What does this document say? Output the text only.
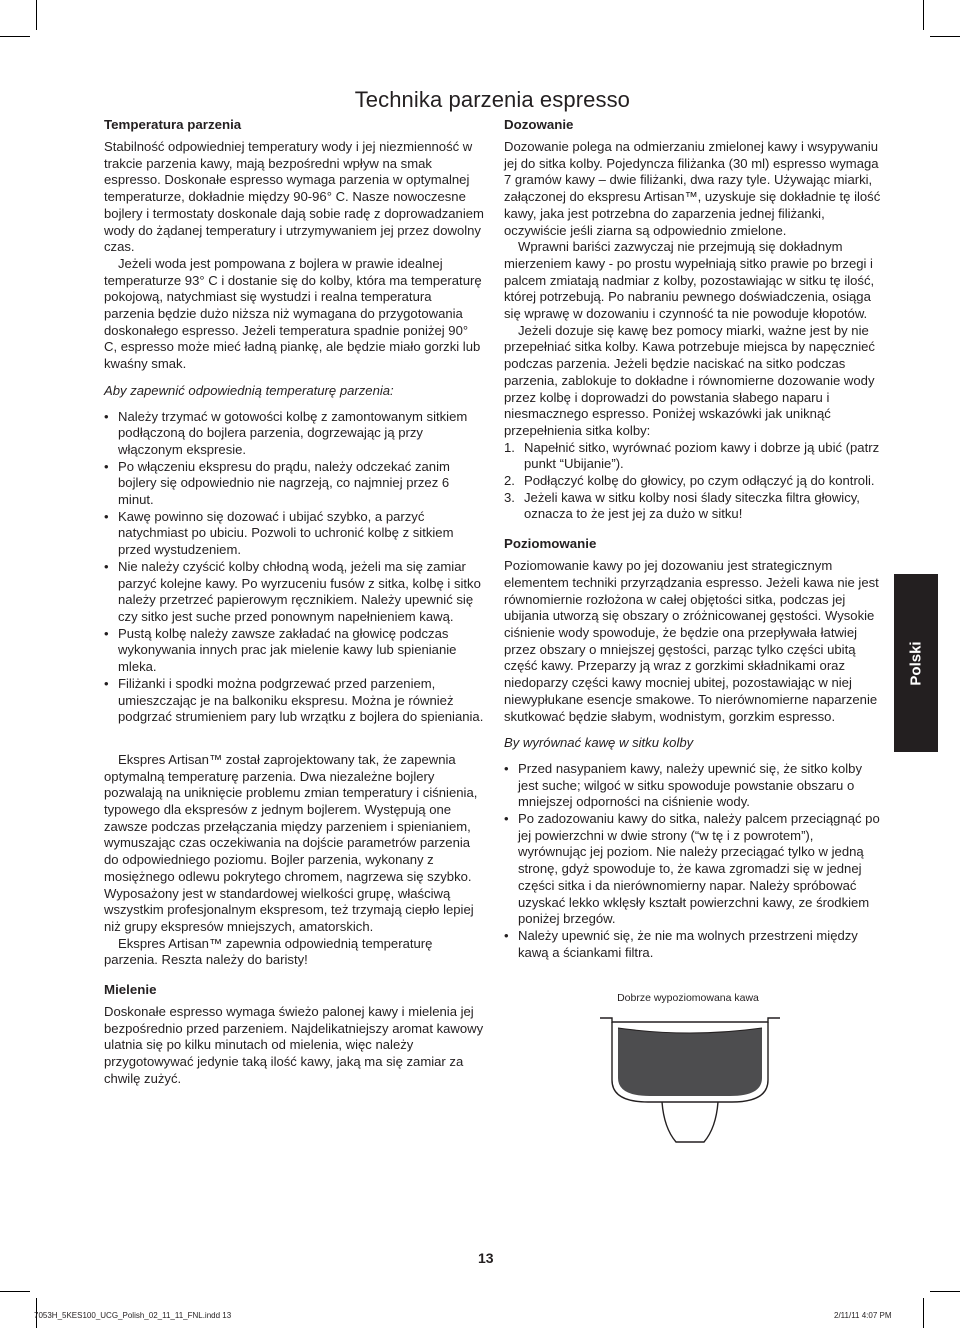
Technika parzenia espresso
Temperatura parzenia

Stabilność odpowiedniej temperatury wody i jej niezmienność w trakcie parzenia kawy, mają bezpośredni wpływ na smak espresso. Doskonałe espresso wymaga parzenia w optymalnej temperaturze, dokładnie między 90-96° C. Nasze nowoczesne bojlery i termostaty doskonale dają sobie radę z doprowadzaniem wody do żądanej temperatury i utrzymywaniem jej przez dowolny czas.

Jeżeli woda jest pompowana z bojlera w prawie idealnej temperaturze 93° C i dostanie się do kolby, która ma temperaturę pokojową, natychmiast się wystudzi i realna temperatura parzenia będzie dużo niższa niż wymagana do przygotowania doskonałego espresso. Jeżeli temperatura spadnie poniżej 90° C, espresso może mieć ładną piankę, ale będzie miało gorzki lub kwaśny smak.

Aby zapewnić odpowiednią temperaturę parzenia:

• Należy trzymać w gotowości kolbę z zamontowanym sitkiem podłączoną do bojlera parzenia, dogrzewając ją przy włączonym ekspresie.
• Po włączeniu ekspresu do prądu, należy odczekać zanim bojlery się odpowiednio nie nagrzeją, co najmniej przez 6 minut.
• Kawę powinno się dozować i ubijać szybko, a parzyć natychmiast po ubiciu. Pozwoli to uchronić kolbę z sitkiem przed wystudzeniem.
• Nie należy czyścić kolby chłodną wodą, jeżeli ma się zamiar parzyć kolejne kawy. Po wyrzuceniu fusów z sitka, kolbę i sitko należy przetrzeć papierowym ręcznikiem. Należy upewnić się czy sitko jest suche przed ponownym napełnieniem kawą.
• Pustą kolbę należy zawsze zakładać na głowicę podczas wykonywania innych prac jak mielenie kawy lub spienianie mleka.
• Filiżanki i spodki można podgrzewać przed parzeniem, umieszczając je na balkoniku ekspresu. Można je również podgrzać strumieniem pary lub wrzątku z bojlera do spieniania.

Ekspres Artisan™ został zaprojektowany tak, że zapewnia optymalną temperaturę parzenia. Dwa niezależne bojlery pozwalają na uniknięcie problemu zmian temperatury i ciśnienia, typowego dla ekspresów z jednym bojlerem. Występują one zawsze podczas przełączania między parzeniem i spienianiem, wymuszając czas oczekiwania na dojście parametrów parzenia do odpowiedniego poziomu. Bojler parzenia, wykonany z mosiężnego odlewu pokrytego chromem, nagrzewa się szybko. Wyposażony jest w standardowej wielkości grupę, właściwą wszystkim profesjonalnym ekspresom, też trzymają ciepło lepiej niż grupy ekspresów mniejszych, amatorskich.

Ekspres Artisan™ zapewnia odpowiednią temperaturę parzenia. Reszta należy do baristy!

Mielenie

Doskonałe espresso wymaga świeżo palonej kawy i mielenia jej bezpośrednio przed parzeniem. Najdelikatniejszy aromat kawowy ulatnia się po kilku minutach od mielenia, więc należy przygotowywać jedynie taką ilość kawy, jaką ma się zamiar za chwilę zużyć.

Dozowanie

Dozowanie polega na odmierzaniu zmielonej kawy i wsypywaniu jej do sitka kolby. Pojedyncza filiżanka (30 ml) espresso wymaga 7 gramów kawy – dwie filiżanki, dwa razy tyle. Używając miarki, załączonej do ekspresu Artisan™, uzyskuje się dokładnie tę ilość kawy, jaka jest potrzebna do zaparzenia jednej filiżanki, oczywiście jeśli ziarna są odpowiednio zmielone.

Wprawni bariści zazwyczaj nie przejmują się dokładnym mierzeniem kawy - po prostu wypełniają sitko prawie po brzegi i palcem zmiatają nadmiar z kolby, pozostawiając w sitku tę ilość, której potrzebują. Po nabraniu pewnego doświadczenia, osiąga się wprawę w dozowaniu i czynność ta nie powoduje kłopotów.

Jeżeli dozuje się kawę bez pomocy miarki, ważne jest by nie przepełniać sitka kolby. Kawa potrzebuje miejsca by napęcznieć podczas parzenia. Jeżeli będzie naciskać na sitko podczas parzenia, zablokuje to dokładne i równomierne dozowanie wody przez kolbę i doprowadzi do powstania słabego naparu i niesmacznego espresso. Poniżej wskazówki jak uniknąć przepełnienia sitka kolby:

1. Napełnić sitko, wyrównać poziom kawy i dobrze ją ubić (patrz punkt “Ubijanie”).
2. Podłączyć kolbę do głowicy, po czym odłączyć ją do kontroli.
3. Jeżeli kawa w sitku kolby nosi ślady siteczka filtra głowicy, oznacza to że jest jej za dużo w sitku!
Poziomowanie

Poziomowanie kawy po jej dozowaniu jest strategicznym elementem techniki przyrządzania espresso. Jeżeli kawa nie jest równomiernie rozłożona w całej objętości sitka, podczas jej ubijania utworzą się obszary o zróżnicowanej gęstości. Wysokie ciśnienie wody spowoduje, że będzie ona przepływała łatwiej przez obszary o mniejszej gęstości, parząc tylko części ubitą część kawy. Przeparzy ją wraz z gorzkimi składnikami oraz niedoparzy części kawy mocniej ubitej, pozostawiając w niej niewypłukane esencje smakowe. To nierównomierne naparzenie skutkować będzie słabym, wodnistym, gorzkim espresso.

By wyrównać kawę w sitku kolby

• Przed nasypaniem kawy, należy upewnić się, że sitko kolby jest suche; wilgoć w sitku spowoduje powstanie obszaru o mniejszej odporności na ciśnienie wody.
• Po zadozowaniu kawy do sitka, należy palcem przeciągnąć po jej powierzchni w dwie strony (“w tę i z powrotem”), wyrównując jej poziom. Nie należy przeciągać tylko w jedną stronę, gdyż spowoduje to, że kawa zgromadzi się w jednej części sitka i da nierównomierny napar. Należy spróbować uzyskać lekko wklęsły kształt powierzchni kawy, ze środkiem poniżej brzegów.
• Należy upewnić się, że nie ma wolnych przestrzeni między kawą a ściankami filtra.
Dobrze wypoziomowana kawa
Polski
13
7053H_5KES100_UCG_Polish_02_11_11_FNL.indd 13	2/11/11 4:07 PM
